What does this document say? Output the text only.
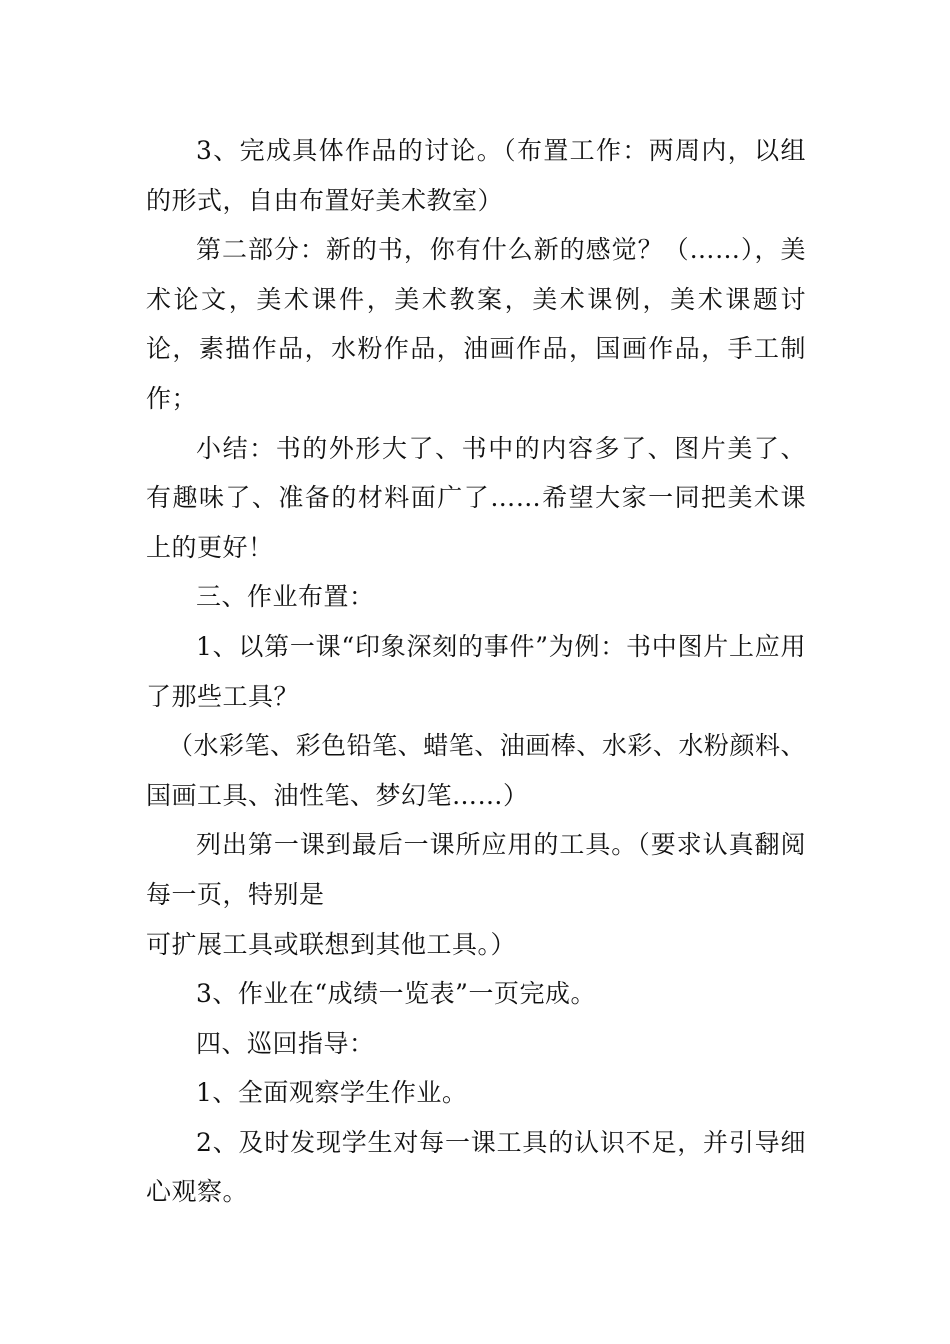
3、完成具体作品的讨论。（布置工作：两周内，以组的形式，自由布置好美术教室）

第二部分：新的书，你有什么新的感觉？（……），美术论文，美术课件，美术教案，美术课例，美术课题讨论，素描作品，水粉作品，油画作品，国画作品，手工制作；

小结：书的外形大了、书中的内容多了、图片美了、有趣味了、准备的材料面广了……希望大家一同把美术课上的更好！

三、作业布置：

1、以第一课“印象深刻的事件”为例：书中图片上应用了那些工具？

（水彩笔、彩色铅笔、蜡笔、油画棒、水彩、水粉颜料、国画工具、油性笔、梦幻笔……）

列出第一课到最后一课所应用的工具。（要求认真翻阅每一页，特别是

可扩展工具或联想到其他工具。）

3、作业在“成绩一览表”一页完成。

四、巡回指导：

1、全面观察学生作业。

2、及时发现学生对每一课工具的认识不足，并引导细心观察。
